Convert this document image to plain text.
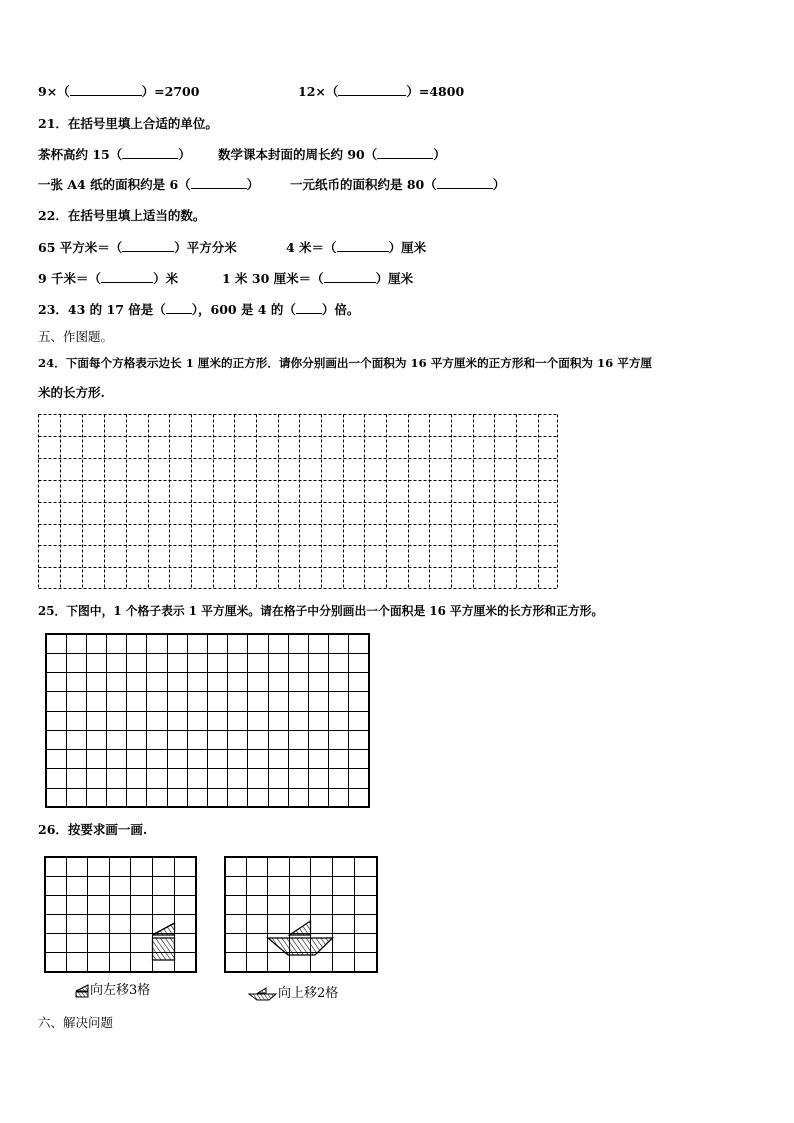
9×（	）=2700	12×（	）=4800
21．在括号里填上合适的单位。
茶杯高约 15（	） 数学课本封面的周长约 90（	）
一张 A4 纸的面积约是 6（	） 一元纸币的面积约是 80（	）
22．在括号里填上适当的数。
65 平方米＝（	）平方分米	4 米＝（	）厘米
9 千米＝（	）米	1 米 30 厘米＝（	）厘米
23．43 的 17 倍是（ ），600 是 4 的（ ）倍。
五、作图题。
24．下面每个方格表示边长 1 厘米的正方形．请你分别画出一个面积为 16 平方厘米的正方形和一个面积为 16 平方厘
米的长方形.
25．下图中，1 个格子表示 1 平方厘米。请在格子中分别画出一个面积是 16 平方厘米的长方形和正方形。
26．按要求画一画.
向左移3格	向上移2格
六、解决问题
